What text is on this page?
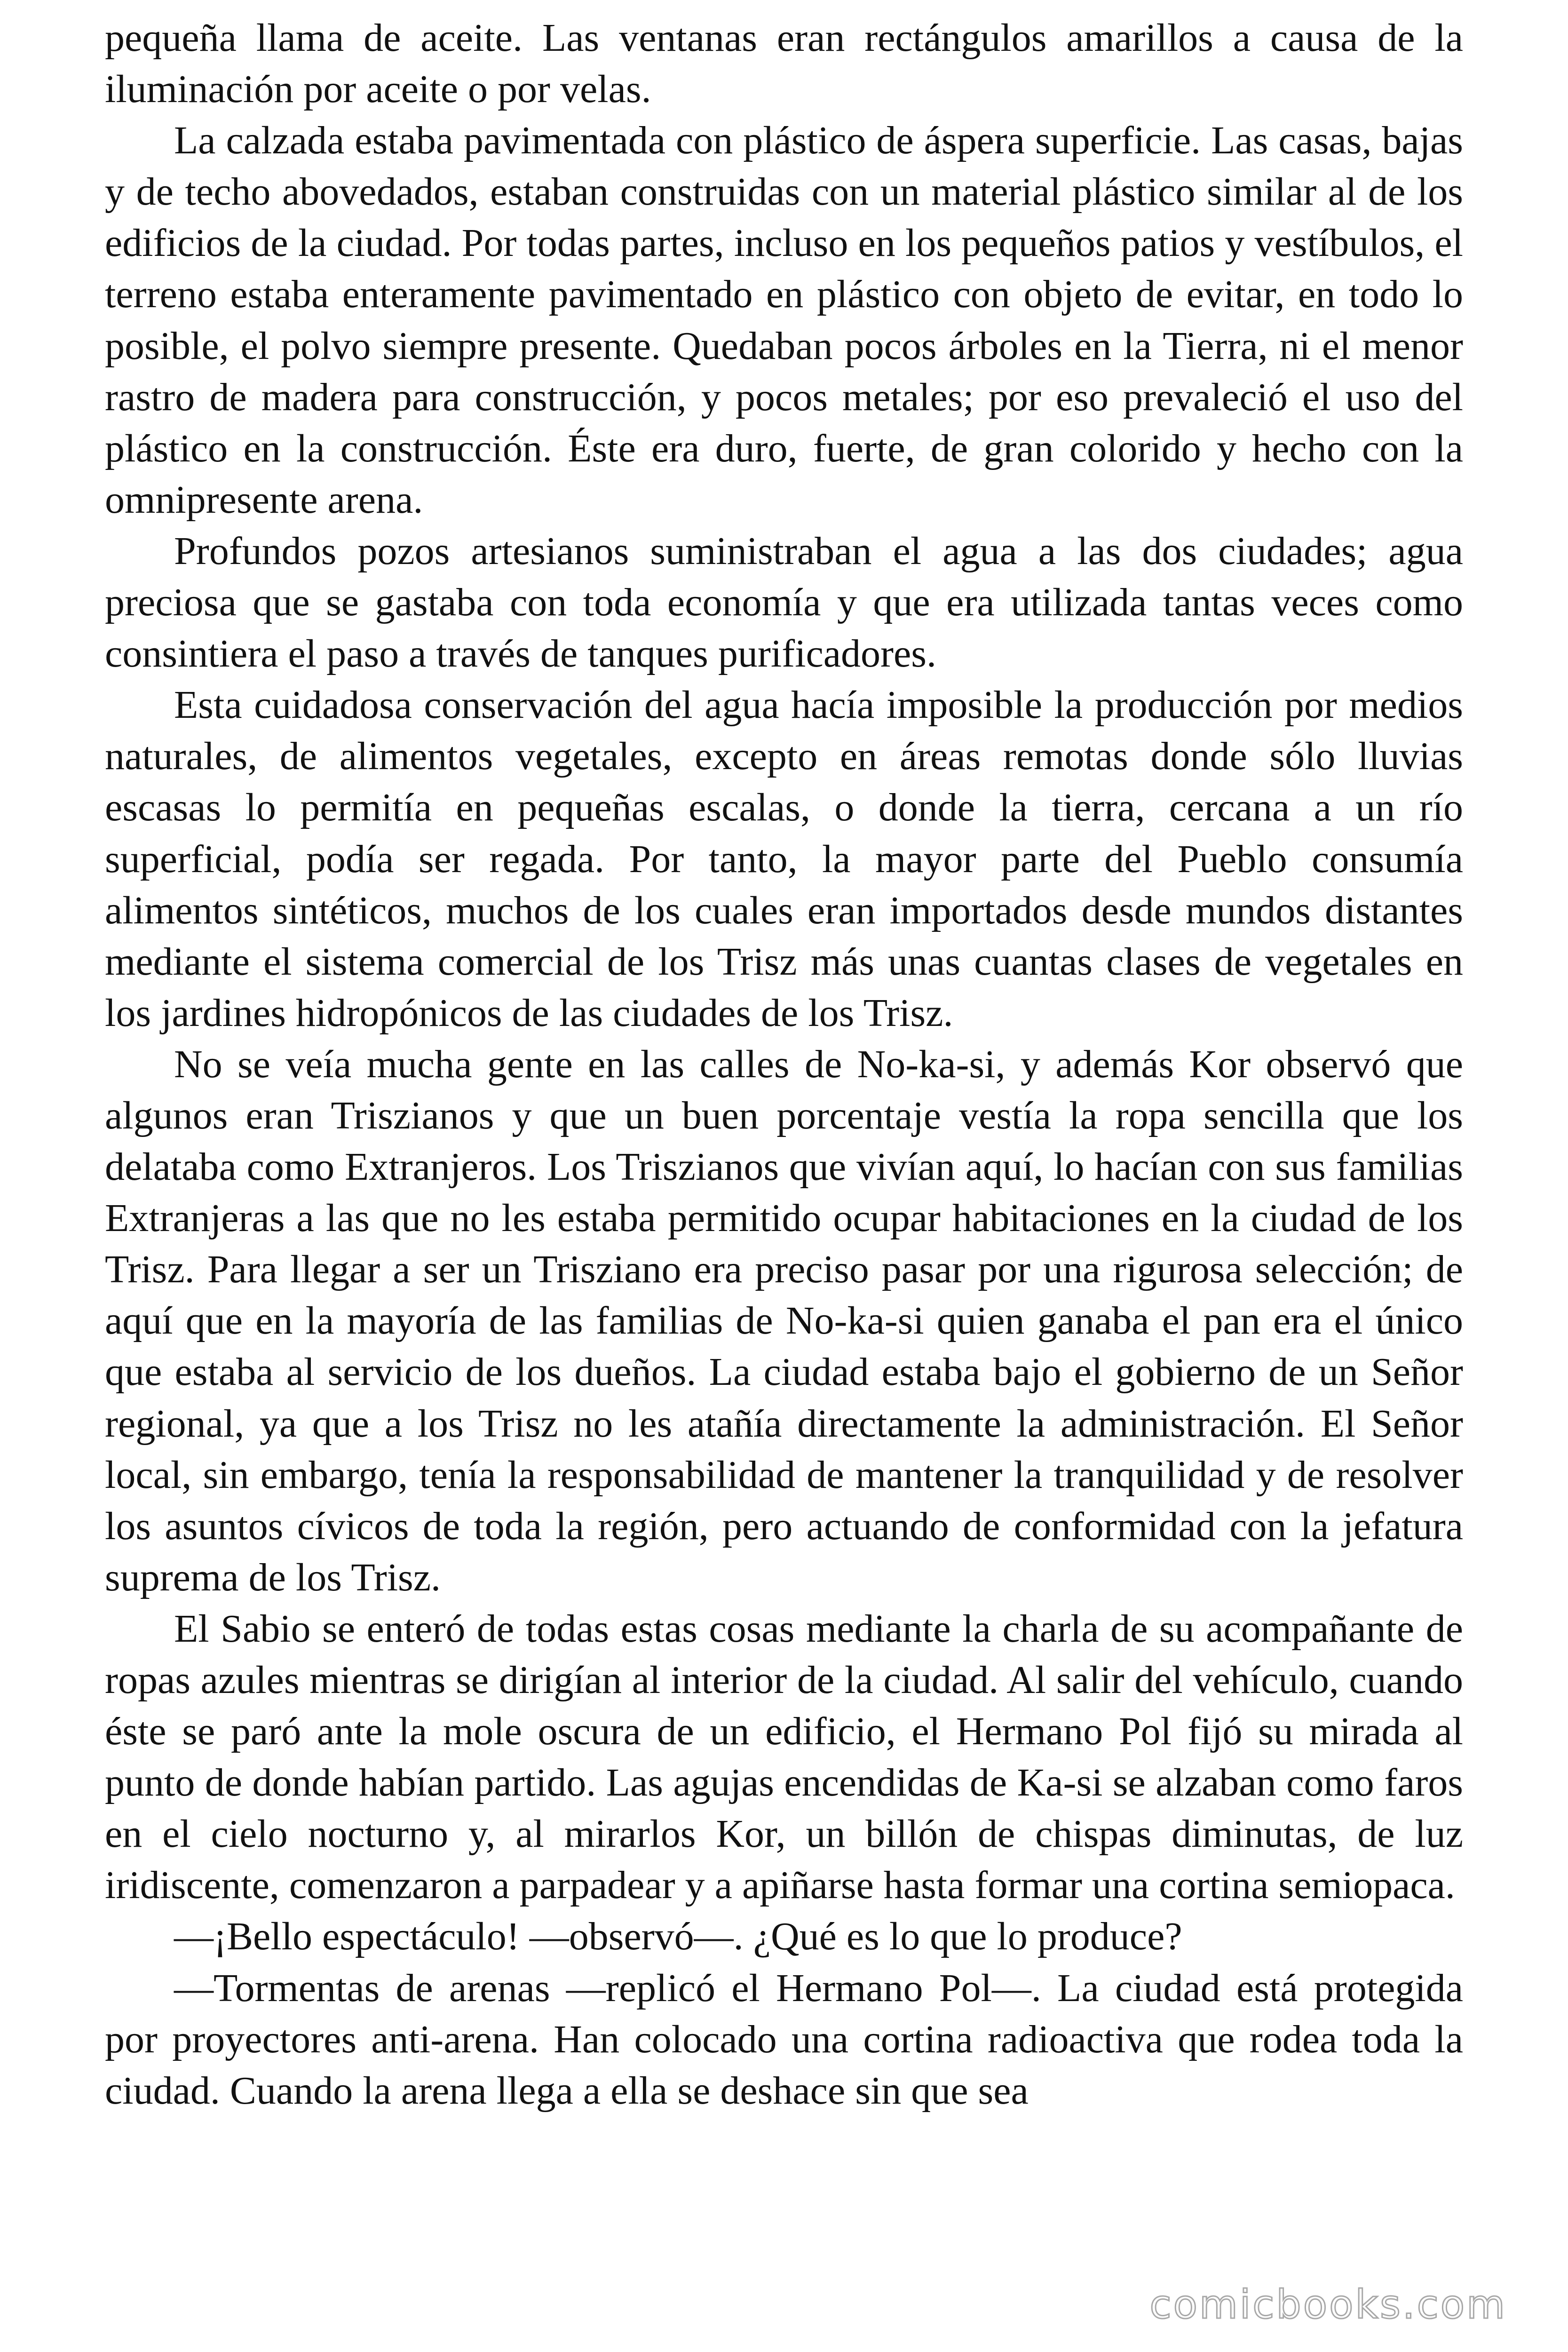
pequeña llama de aceite. Las ventanas eran rectángulos amarillos a causa de la iluminación por aceite o por velas.

La calzada estaba pavimentada con plástico de áspera superficie. Las casas, bajas y de techo abovedados, estaban construidas con un material plástico similar al de los edificios de la ciudad. Por todas partes, incluso en los pequeños patios y vestíbulos, el terreno estaba enteramente pavimentado en plástico con objeto de evitar, en todo lo posible, el polvo siempre presente. Quedaban pocos árboles en la Tierra, ni el menor rastro de madera para construcción, y pocos metales; por eso prevaleció el uso del plástico en la construcción. Éste era duro, fuerte, de gran colorido y hecho con la omnipresente arena.

Profundos pozos artesianos suministraban el agua a las dos ciudades; agua preciosa que se gastaba con toda economía y que era utilizada tantas veces como consintiera el paso a través de tanques purificadores.

Esta cuidadosa conservación del agua hacía imposible la producción por medios naturales, de alimentos vegetales, excepto en áreas remotas donde sólo lluvias escasas lo permitía en pequeñas escalas, o donde la tierra, cercana a un río superficial, podía ser regada. Por tanto, la mayor parte del Pueblo consumía alimentos sintéticos, muchos de los cuales eran importados desde mundos distantes mediante el sistema comercial de los Trisz más unas cuantas clases de vegetales en los jardines hidropónicos de las ciudades de los Trisz.

No se veía mucha gente en las calles de No-ka-si, y además Kor observó que algunos eran Triszianos y que un buen porcentaje vestía la ropa sencilla que los delataba como Extranjeros. Los Triszianos que vivían aquí, lo hacían con sus familias Extranjeras a las que no les estaba permitido ocupar habitaciones en la ciudad de los Trisz. Para llegar a ser un Trisziano era preciso pasar por una rigurosa selección; de aquí que en la mayoría de las familias de No-ka-si quien ganaba el pan era el único que estaba al servicio de los dueños. La ciudad estaba bajo el gobierno de un Señor regional, ya que a los Trisz no les atañía directamente la administración. El Señor local, sin embargo, tenía la responsabilidad de mantener la tranquilidad y de resolver los asuntos cívicos de toda la región, pero actuando de conformidad con la jefatura suprema de los Trisz.

El Sabio se enteró de todas estas cosas mediante la charla de su acompañante de ropas azules mientras se dirigían al interior de la ciudad. Al salir del vehículo, cuando éste se paró ante la mole oscura de un edificio, el Hermano Pol fijó su mirada al punto de donde habían partido. Las agujas encendidas de Ka-si se alzaban como faros en el cielo nocturno y, al mirarlos Kor, un billón de chispas diminutas, de luz iridiscente, comenzaron a parpadear y a apiñarse hasta formar una cortina semiopaca.

—¡Bello espectáculo! —observó—. ¿Qué es lo que lo produce?

—Tormentas de arenas —replicó el Hermano Pol—. La ciudad está protegida por proyectores anti-arena. Han colocado una cortina radioactiva que rodea toda la ciudad. Cuando la arena llega a ella se deshace sin que sea

comicbooks.com
